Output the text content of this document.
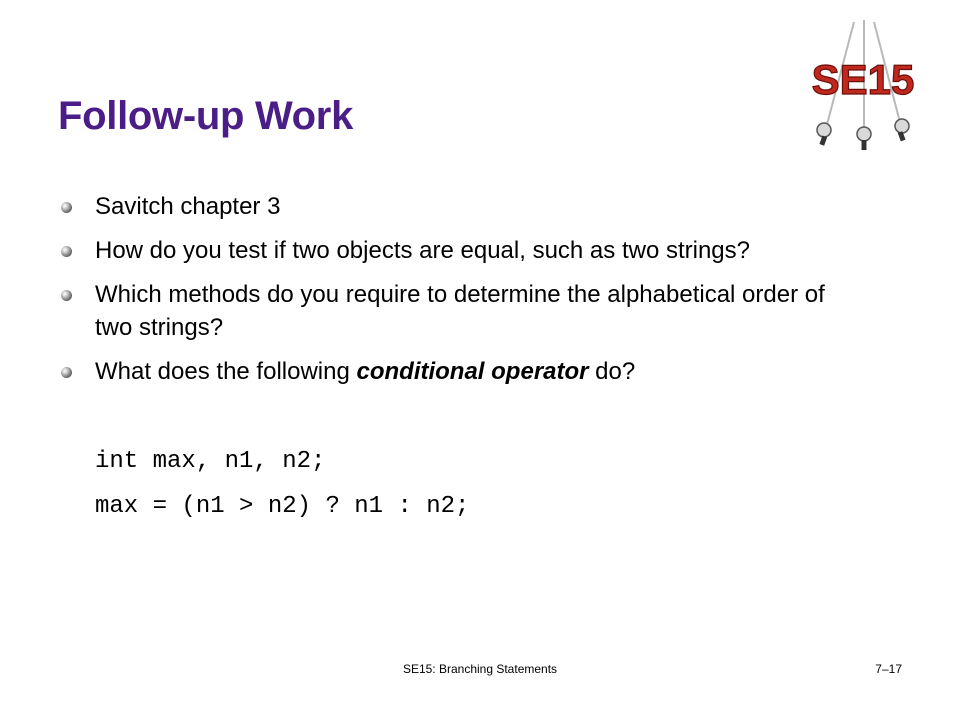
SE15
Follow-up Work
Savitch chapter 3
How do you test if two objects are equal, such as two strings?
Which methods do you require to determine the alphabetical order of two strings?
What does the following conditional operator do?
int max, n1, n2;
max = (n1 > n2) ? n1 : n2;
SE15: Branching Statements	7–17
